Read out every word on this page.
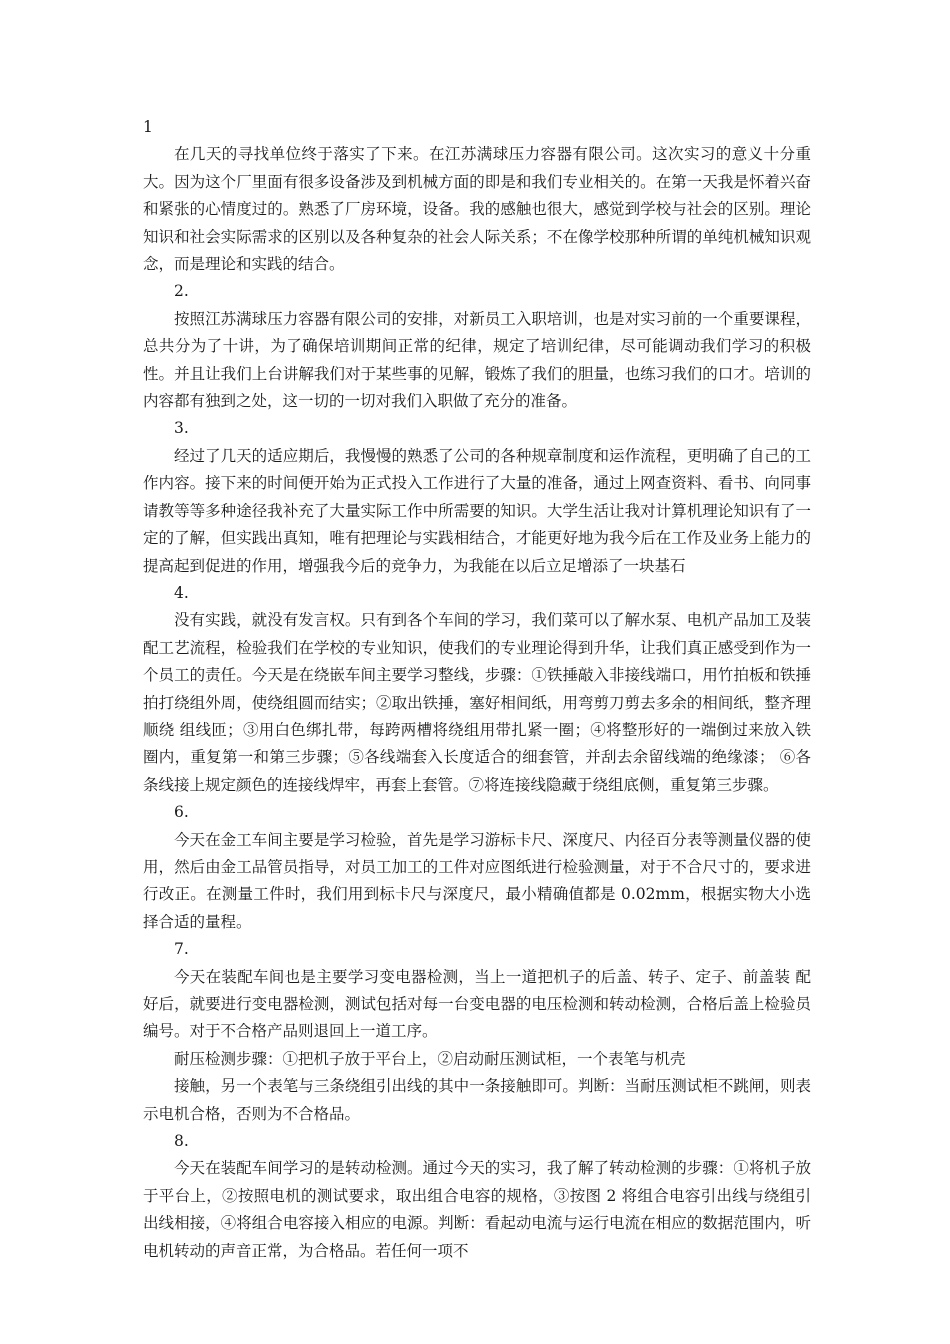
1

在几天的寻找单位终于落实了下来。在江苏满球压力容器有限公司。这次实习的意义十分重大。因为这个厂里面有很多设备涉及到机械方面的即是和我们专业相关的。在第一天我是怀着兴奋和紧张的心情度过的。熟悉了厂房环境，设备。我的感触也很大，感觉到学校与社会的区别。理论知识和社会实际需求的区别以及各种复杂的社会人际关系；不在像学校那种所谓的单纯机械知识观念，而是理论和实践的结合。

2.

按照江苏满球压力容器有限公司的安排，对新员工入职培训，也是对实习前的一个重要课程，总共分为了十讲，为了确保培训期间正常的纪律，规定了培训纪律，尽可能调动我们学习的积极性。并且让我们上台讲解我们对于某些事的见解，锻炼了我们的胆量，也练习我们的口才。培训的内容都有独到之处，这一切的一切对我们入职做了充分的准备。

3.

经过了几天的适应期后，我慢慢的熟悉了公司的各种规章制度和运作流程，更明确了自己的工作内容。接下来的时间便开始为正式投入工作进行了大量的准备，通过上网查资料、看书、向同事请教等等多种途径我补充了大量实际工作中所需要的知识。大学生活让我对计算机理论知识有了一定的了解，但实践出真知，唯有把理论与实践相结合，才能更好地为我今后在工作及业务上能力的提高起到促进的作用，增强我今后的竞争力，为我能在以后立足增添了一块基石

4.

没有实践，就没有发言权。只有到各个车间的学习，我们菜可以了解水泵、电机产品加工及装配工艺流程，检验我们在学校的专业知识，使我们的专业理论得到升华，让我们真正感受到作为一个员工的责任。今天是在绕嵌车间主要学习整线，步骤：①铁捶敲入非接线端口，用竹拍板和铁捶拍打绕组外周，使绕组圆而结实；②取出铁捶，塞好相间纸，用弯剪刀剪去多余的相间纸，整齐理顺绕 组线匝；③用白色绑扎带，每跨两槽将绕组用带扎紧一圈；④将整形好的一端倒过来放入铁圈内，重复第一和第三步骤；⑤各线端套入长度适合的细套管，并刮去余留线端的绝缘漆； ⑥各条线接上规定颜色的连接线焊牢，再套上套管。⑦将连接线隐藏于绕组底侧，重复第三步骤。

6.

今天在金工车间主要是学习检验，首先是学习游标卡尺、深度尺、内径百分表等测量仪器的使用，然后由金工品管员指导，对员工加工的工件对应图纸进行检验测量，对于不合尺寸的，要求进行改正。在测量工件时，我们用到标卡尺与深度尺，最小精确值都是 0.02mm，根据实物大小选择合适的量程。

7.

今天在装配车间也是主要学习变电器检测，当上一道把机子的后盖、转子、定子、前盖装 配好后，就要进行变电器检测，测试包括对每一台变电器的电压检测和转动检测，合格后盖上检验员编号。对于不合格产品则退回上一道工序。

耐压检测步骤：①把机子放于平台上，②启动耐压测试柜，一个表笔与机壳

接触，另一个表笔与三条绕组引出线的其中一条接触即可。判断：当耐压测试柜不跳闸，则表示电机合格，否则为不合格品。

8.

今天在装配车间学习的是转动检测。通过今天的实习，我了解了转动检测的步骤：①将机子放于平台上，②按照电机的测试要求，取出组合电容的规格，③按图 2 将组合电容引出线与绕组引出线相接，④将组合电容接入相应的电源。判断：看起动电流与运行电流在相应的数据范围内，听电机转动的声音正常，为合格品。若任何一项不
